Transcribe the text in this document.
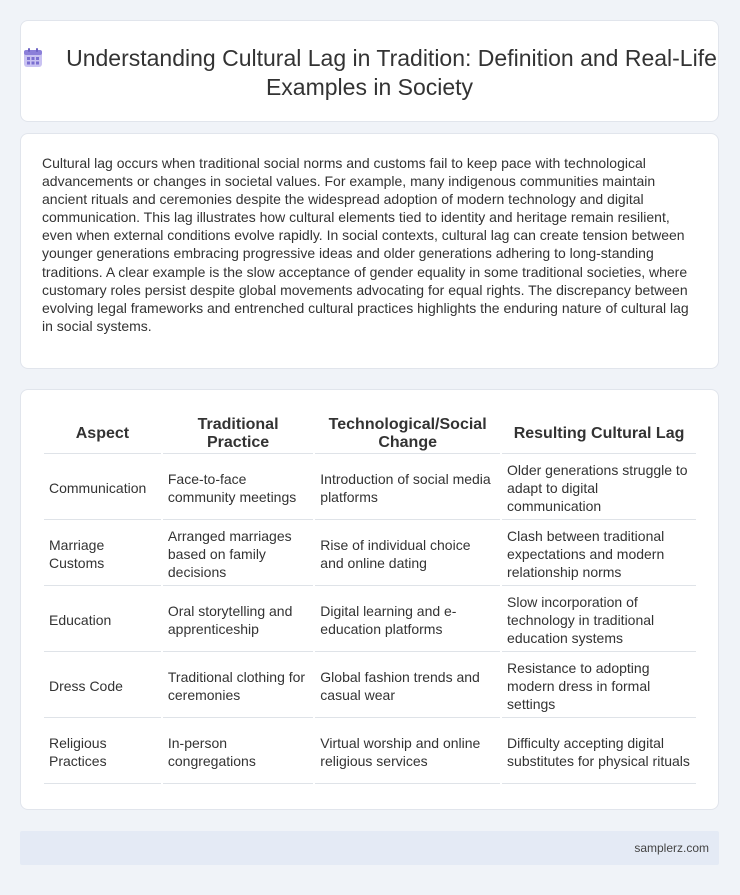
Understanding Cultural Lag in Tradition: Definition and Real-Life Examples in Society

Cultural lag occurs when traditional social norms and customs fail to keep pace with technological advancements or changes in societal values. For example, many indigenous communities maintain ancient rituals and ceremonies despite the widespread adoption of modern technology and digital communication. This lag illustrates how cultural elements tied to identity and heritage remain resilient, even when external conditions evolve rapidly. In social contexts, cultural lag can create tension between younger generations embracing progressive ideas and older generations adhering to long-standing traditions. A clear example is the slow acceptance of gender equality in some traditional societies, where customary roles persist despite global movements advocating for equal rights. The discrepancy between evolving legal frameworks and entrenched cultural practices highlights the enduring nature of cultural lag in social systems.

Aspect	Traditional Practice	Technological/Social Change	Resulting Cultural Lag
Communication	Face-to-face community meetings	Introduction of social media platforms	Older generations struggle to adapt to digital communication
Marriage Customs	Arranged marriages based on family decisions	Rise of individual choice and online dating	Clash between traditional expectations and modern relationship norms
Education	Oral storytelling and apprenticeship	Digital learning and e-education platforms	Slow incorporation of technology in traditional education systems
Dress Code	Traditional clothing for ceremonies	Global fashion trends and casual wear	Resistance to adopting modern dress in formal settings
Religious Practices	In-person congregations	Virtual worship and online religious services	Difficulty accepting digital substitutes for physical rituals
samplerz.com
